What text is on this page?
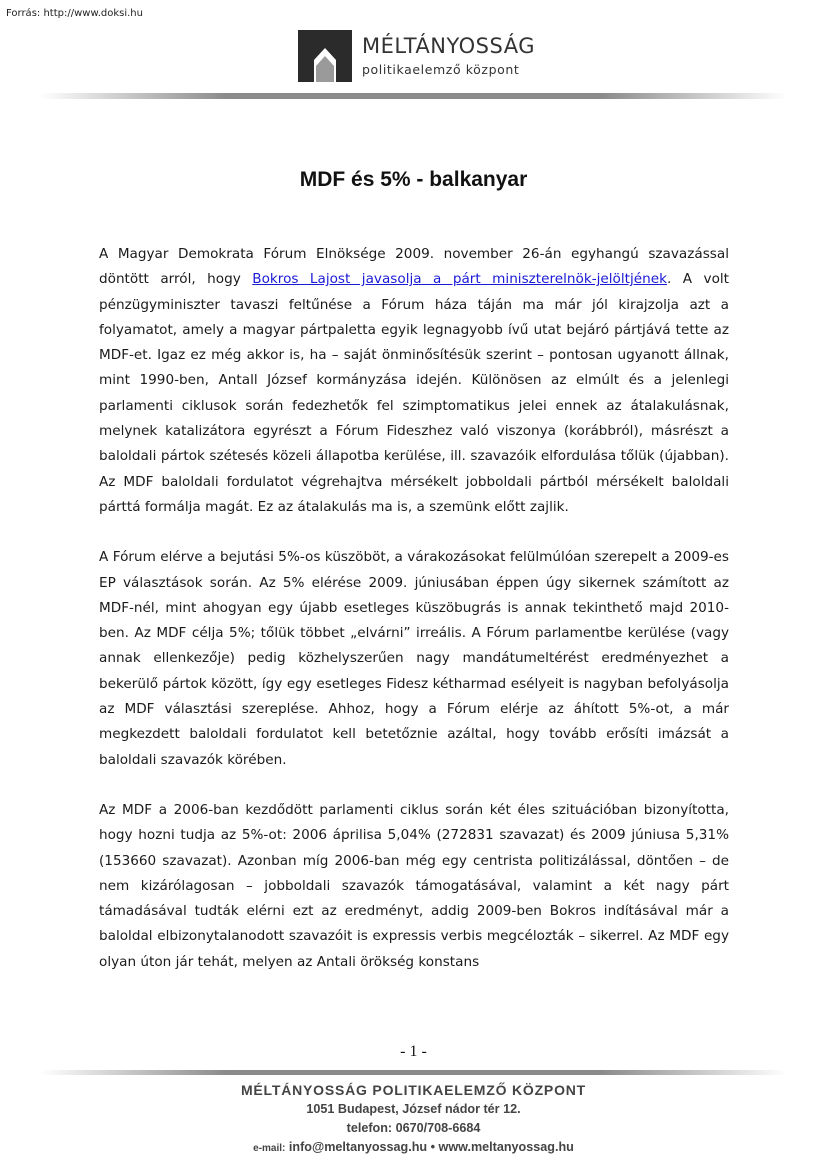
Forrás: http://www.doksi.hu
MÉLTÁNYOSSÁG
politikaelemző központ
MDF és 5% - balkanyar

A Magyar Demokrata Fórum Elnöksége 2009. november 26-án egyhangú szavazással döntött arról, hogy Bokros Lajost javasolja a párt miniszterelnök-jelöltjének. A volt pénzügyminiszter tavaszi feltűnése a Fórum háza táján ma már jól kirajzolja azt a folyamatot, amely a magyar pártpaletta egyik legnagyobb ívű utat bejáró pártjává tette az MDF-et. Igaz ez még akkor is, ha – saját önminősítésük szerint – pontosan ugyanott állnak, mint 1990-ben, Antall József kormányzása idején. Különösen az elmúlt és a jelenlegi parlamenti ciklusok során fedezhetők fel szimptomatikus jelei ennek az átalakulásnak, melynek katalizátora egyrészt a Fórum Fideszhez való viszonya (korábbról), másrészt a baloldali pártok szétesés közeli állapotba kerülése, ill. szavazóik elfordulása tőlük (újabban). Az MDF baloldali fordulatot végrehajtva mérsékelt jobboldali pártból mérsékelt baloldali párttá formálja magát. Ez az átalakulás ma is, a szemünk előtt zajlik.

A Fórum elérve a bejutási 5%-os küszöböt, a várakozásokat felülmúlóan szerepelt a 2009-es EP választások során. Az 5% elérése 2009. júniusában éppen úgy sikernek számított az MDF-nél, mint ahogyan egy újabb esetleges küszöbugrás is annak tekinthető majd 2010-ben. Az MDF célja 5%; tőlük többet „elvárni” irreális. A Fórum parlamentbe kerülése (vagy annak ellenkezője) pedig közhelyszerűen nagy mandátumeltérést eredményezhet a bekerülő pártok között, így egy esetleges Fidesz kétharmad esélyeit is nagyban befolyásolja az MDF választási szereplése. Ahhoz, hogy a Fórum elérje az áhított 5%-ot, a már megkezdett baloldali fordulatot kell betetőznie azáltal, hogy tovább erősíti imázsát a baloldali szavazók körében.

Az MDF a 2006-ban kezdődött parlamenti ciklus során két éles szituációban bizonyította, hogy hozni tudja az 5%-ot: 2006 áprilisa 5,04% (272831 szavazat) és 2009 júniusa 5,31% (153660 szavazat). Azonban míg 2006-ban még egy centrista politizálással, döntően – de nem kizárólagosan – jobboldali szavazók támogatásával, valamint a két nagy párt támadásával tudták elérni ezt az eredményt, addig 2009-ben Bokros indításával már a baloldal elbizonytalanodott szavazóit is expressis verbis megcélozták – sikerrel. Az MDF egy olyan úton jár tehát, melyen az Antali örökség konstans

- 1 -
MÉLTÁNYOSSÁG POLITIKAELEMZŐ KÖZPONT
1051 Budapest, József nádor tér 12.
telefon: 0670/708-6684
e-mail: info@meltanyossag.hu • www.meltanyossag.hu
